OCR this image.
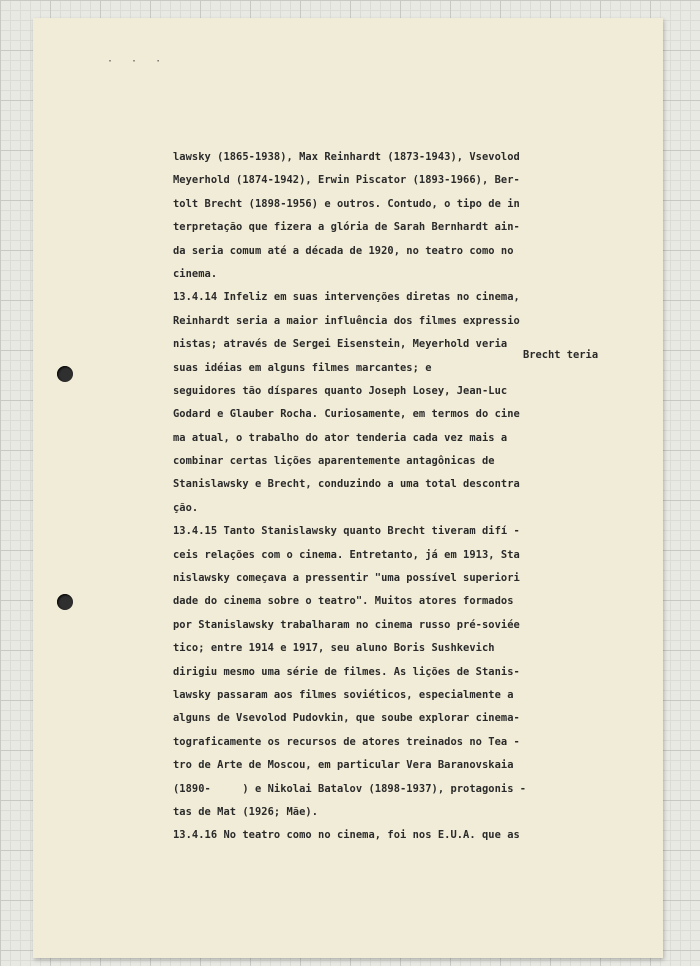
· · ·
lawsky (1865-1938), Max Reinhardt (1873-1943), Vsevolod
Meyerhold (1874-1942), Erwin Piscator (1893-1966), Ber-
tolt Brecht (1898-1956) e outros. Contudo, o tipo de in
terpretação que fizera a glória de Sarah Bernhardt ain-
da seria comum até a década de 1920, no teatro como no
cinema.
13.4.14 Infeliz em suas intervenções diretas no cinema,
Reinhardt seria a maior influência dos filmes expressio
nistas; através de Sergei Eisenstein, Meyerhold veria
suas idéias em alguns filmes marcantes; e
seguidores tão díspares quanto Joseph Losey, Jean-Luc
Godard e Glauber Rocha. Curiosamente, em termos do cine
ma atual, o trabalho do ator tenderia cada vez mais a
combinar certas lições aparentemente antagônicas de
Stanislawsky e Brecht, conduzindo a uma total descontra
ção.
13.4.15 Tanto Stanislawsky quanto Brecht tiveram difí -
ceis relações com o cinema. Entretanto, já em 1913, Sta
nislawsky começava a pressentir "uma possível superiori
dade do cinema sobre o teatro". Muitos atores formados
por Stanislawsky trabalharam no cinema russo pré-soviée
tico; entre 1914 e 1917, seu aluno Boris Sushkevich
dirigiu mesmo uma série de filmes. As lições de Stanis-
lawsky passaram aos filmes soviéticos, especialmente a
alguns de Vsevolod Pudovkin, que soube explorar cinema-
tograficamente os recursos de atores treinados no Tea -
tro de Arte de Moscou, em particular Vera Baranovskaia
(1890-     ) e Nikolai Batalov (1898-1937), protagonis -
tas de Mat (1926; Mãe).
13.4.16 No teatro como no cinema, foi nos E.U.A. que as
Brecht teria
